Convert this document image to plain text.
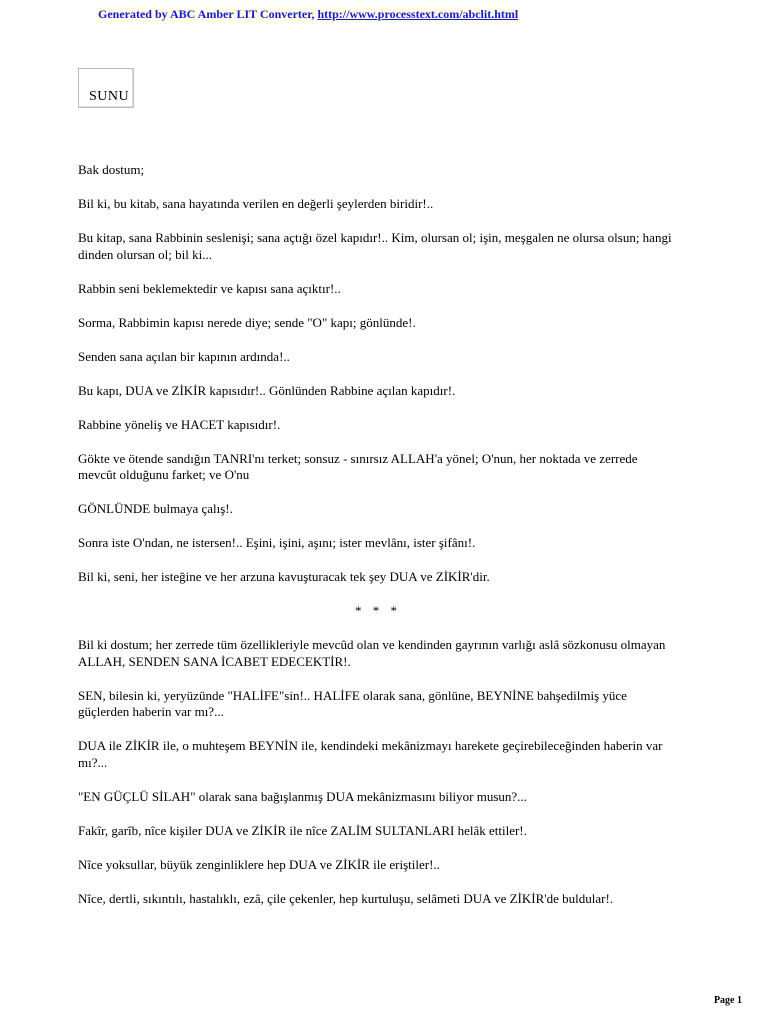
Generated by ABC Amber LIT Converter, http://www.processtext.com/abclit.html
SUNU

Bak dostum;

Bil ki, bu kitab, sana hayatında verilen en değerli şeylerden biridir!..

Bu kitap, sana Rabbinin seslenişi; sana açtığı özel kapıdır!.. Kim, olursan ol; işin, meşgalen ne olursa olsun; hangi dinden olursan ol; bil ki...

Rabbin seni beklemektedir ve kapısı sana açıktır!..

Sorma, Rabbimin kapısı nerede diye; sende "O" kapı; gönlünde!.

Senden sana açılan bir kapının ardında!..

Bu kapı, DUA ve ZİKİR kapısıdır!.. Gönlünden Rabbine açılan kapıdır!.

Rabbine yöneliş ve HACET kapısıdır!.

Gökte ve ötende sandığın TANRI'nı terket; sonsuz - sınırsız ALLAH'a yönel; O'nun, her noktada ve zerrede mevcût olduğunu farket; ve O'nu

GÖNLÜNDE bulmaya çalış!.

Sonra iste O'ndan, ne istersen!.. Eşini, işini, aşını; ister mevlânı, ister şifânı!.

Bil ki, seni, her isteğine ve her arzuna kavuşturacak tek şey DUA ve ZİKİR'dir.

* * *

Bil ki dostum; her zerrede tüm özellikleriyle mevcûd olan ve kendinden gayrının varlığı aslâ sözkonusu olmayan ALLAH, SENDEN SANA İCABET EDECEKTİR!.

SEN, bilesin ki, yeryüzünde "HALİFE"sin!.. HALİFE olarak sana, gönlüne, BEYNİNE bahşedilmiş yüce güçlerden haberin var mı?...

DUA ile ZİKİR ile, o muhteşem BEYNİN ile, kendindeki mekânizmayı harekete geçirebileceğinden haberin var mı?...

"EN GÜÇLÜ SİLAH" olarak sana bağışlanmış DUA mekânizmasını biliyor musun?...

Fakîr, garîb, nîce kişiler DUA ve ZİKİR ile nîce ZALİM SULTANLARI helâk ettiler!.

Nîce yoksullar, büyük zenginliklere hep DUA ve ZİKİR ile eriştiler!..

Nîce, dertli, sıkıntılı, hastalıklı, ezâ, çile çekenler, hep kurtuluşu, selâmeti DUA ve ZİKİR'de buldular!.

Page 1
